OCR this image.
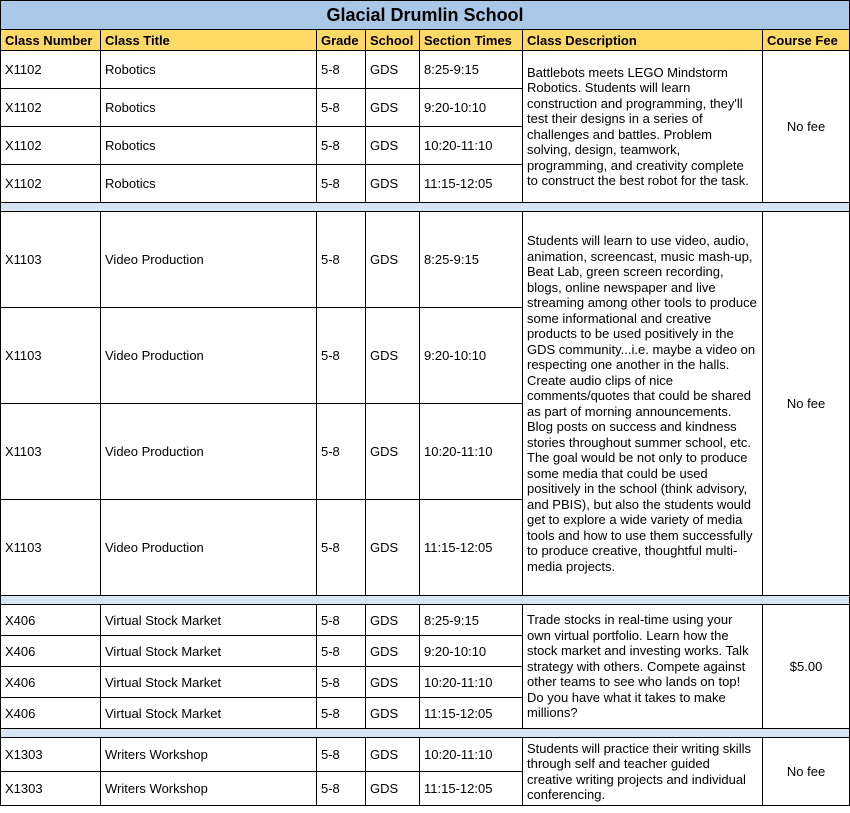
Glacial Drumlin School						
Class Number	Class Title	Grade	School	Section Times	Class Description	Course Fee
X1102	Robotics	5-8	GDS	8:25-9:15	Battlebots meets LEGO Mindstorm Robotics. Students will learn construction and programming, they'll test their designs in a series of challenges and battles. Problem solving, design, teamwork, programming, and creativity complete to construct the best robot for the task.	No fee
X1102	Robotics	5-8	GDS	9:20-10:10		
X1102	Robotics	5-8	GDS	10:20-11:10		
X1102	Robotics	5-8	GDS	11:15-12:05		

X1103	Video Production	5-8	GDS	8:25-9:15	Students will learn to use video, audio, animation, screencast, music mash-up, Beat Lab, green screen recording, blogs, online newspaper and live streaming among other tools to produce some informational and creative products to be used positively in the GDS community...i.e. maybe a video on respecting one another in the halls. Create audio clips of nice comments/quotes that could be shared as part of morning announcements. Blog posts on success and kindness stories throughout summer school, etc. The goal would be not only to produce some media that could be used positively in the school (think advisory, and PBIS), but also the students would get to explore a wide variety of media tools and how to use them successfully to produce creative, thoughtful multi-media projects.	No fee
X1103	Video Production	5-8	GDS	9:20-10:10		
X1103	Video Production	5-8	GDS	10:20-11:10		
X1103	Video Production	5-8	GDS	11:15-12:05		

X406	Virtual Stock Market	5-8	GDS	8:25-9:15	Trade stocks in real-time using your own virtual portfolio. Learn how the stock market and investing works. Talk strategy with others. Compete against other teams to see who lands on top! Do you have what it takes to make millions?	$5.00
X406	Virtual Stock Market	5-8	GDS	9:20-10:10		
X406	Virtual Stock Market	5-8	GDS	10:20-11:10		
X406	Virtual Stock Market	5-8	GDS	11:15-12:05		

X1303	Writers Workshop	5-8	GDS	10:20-11:10	Students will practice their writing skills through self and teacher guided creative writing projects and individual conferencing.	No fee
X1303	Writers Workshop	5-8	GDS	11:15-12:05		
